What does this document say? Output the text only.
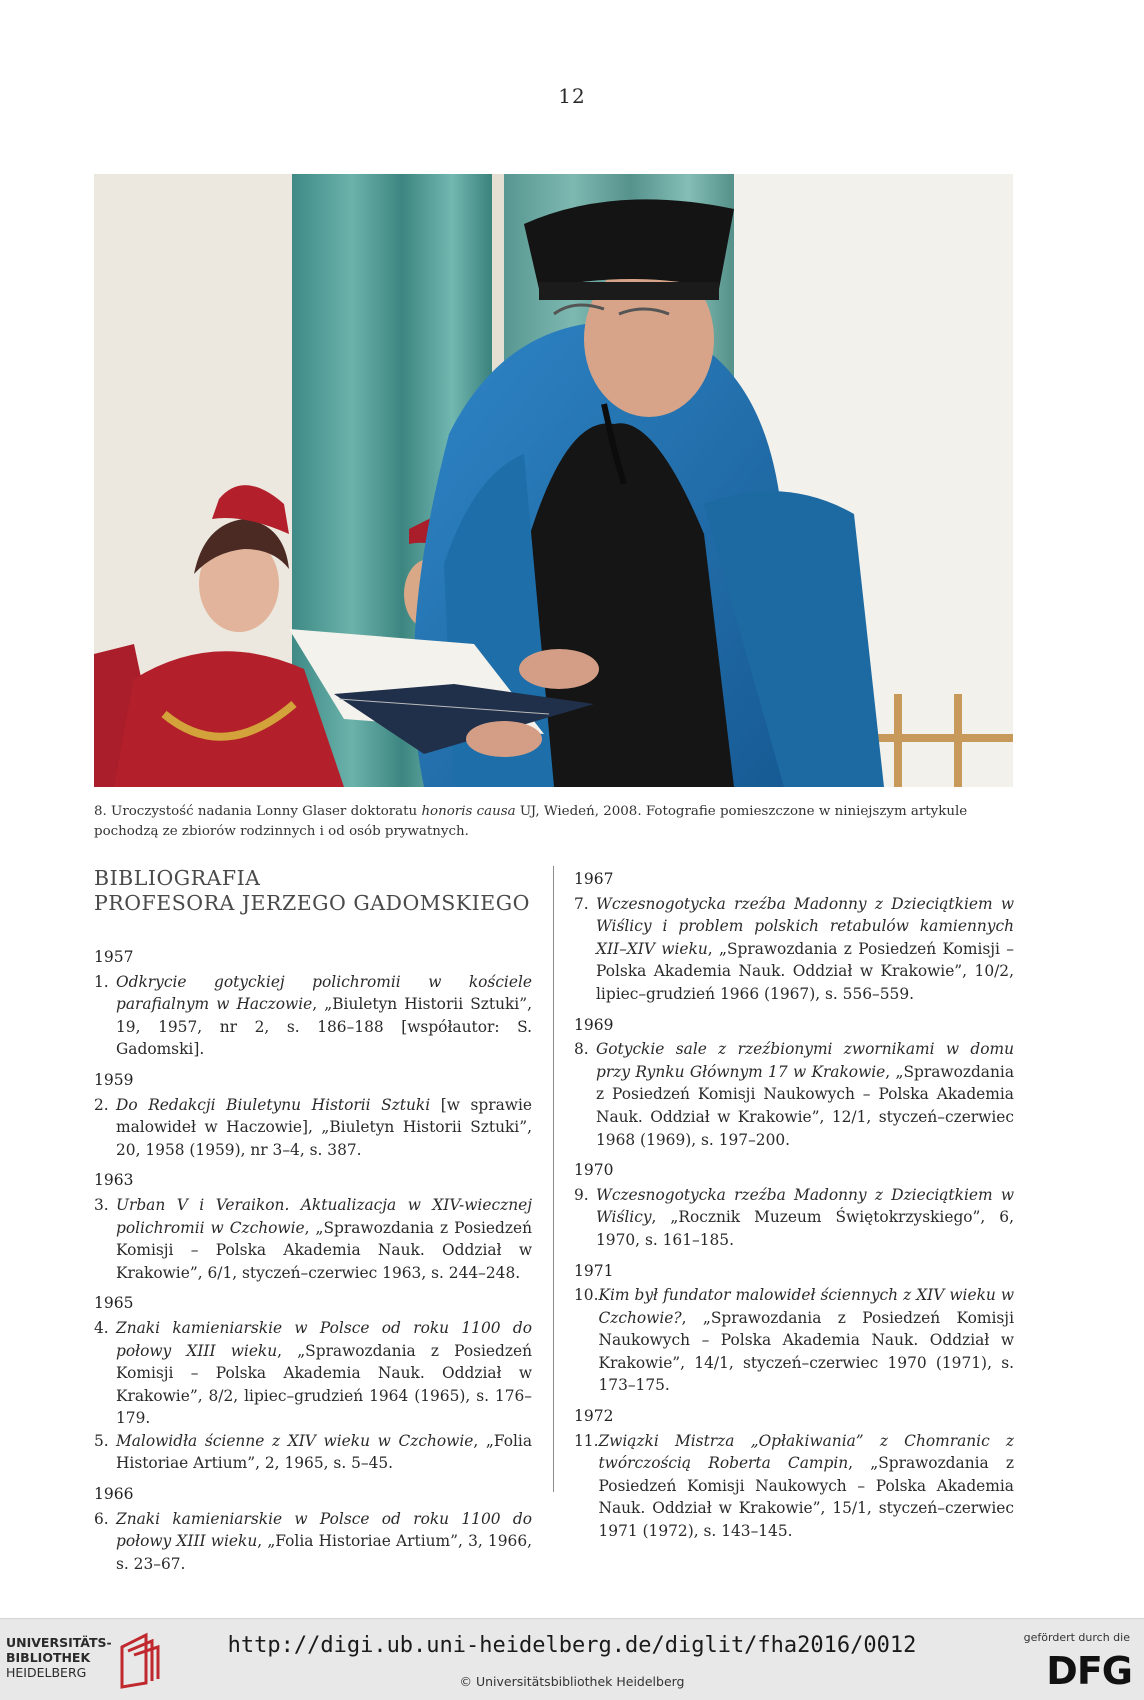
12
8. Uroczystość nadania Lonny Glaser doktoratu honoris causa UJ, Wiedeń, 2008. Fotografie pomieszczone w niniejszym artykule pochodzą ze zbiorów rodzinnych i od osób prywatnych.
BIBLIOGRAFIA
PROFESORA JERZEGO GADOMSKIEGO
1957
1. Odkrycie gotyckiej polichromii w kościele parafialnym w Haczowie, „Biuletyn Historii Sztuki”, 19, 1957, nr 2, s. 186–188 [współautor: S. Gadomski].
1959
2. Do Redakcji Biuletynu Historii Sztuki [w sprawie malowideł w Haczowie], „Biuletyn Historii Sztuki”, 20, 1958 (1959), nr 3–4, s. 387.
1963
3. Urban V i Veraikon. Aktualizacja w XIV-wiecznej polichromii w Czchowie, „Sprawozdania z Posiedzeń Komisji – Polska Akademia Nauk. Oddział w Krakowie”, 6/1, styczeń–czerwiec 1963, s. 244–248.
1965
4. Znaki kamieniarskie w Polsce od roku 1100 do połowy XIII wieku, „Sprawozdania z Posiedzeń Komisji – Polska Akademia Nauk. Oddział w Krakowie”, 8/2, lipiec–grudzień 1964 (1965), s. 176–179.
5. Malowidła ścienne z XIV wieku w Czchowie, „Folia Historiae Artium”, 2, 1965, s. 5–45.
1966
6. Znaki kamieniarskie w Polsce od roku 1100 do połowy XIII wieku, „Folia Historiae Artium”, 3, 1966, s. 23–67.
1967
7. Wczesnogotycka rzeźba Madonny z Dzieciątkiem w Wiślicy i problem polskich retabulów kamiennych XII–XIV wieku, „Sprawozdania z Posiedzeń Komisji – Polska Akademia Nauk. Oddział w Krakowie”, 10/2, lipiec–grudzień 1966 (1967), s. 556–559.
1969
8. Gotyckie sale z rzeźbionymi zwornikami w domu przy Rynku Głównym 17 w Krakowie, „Sprawozdania z Posiedzeń Komisji Naukowych – Polska Akademia Nauk. Oddział w Krakowie”, 12/1, styczeń–czerwiec 1968 (1969), s. 197–200.
1970
9. Wczesnogotycka rzeźba Madonny z Dzieciątkiem w Wiślicy, „Rocznik Muzeum Świętokrzyskiego”, 6, 1970, s. 161–185.
1971
10. Kim był fundator malowideł ściennych z XIV wieku w Czchowie?, „Sprawozdania z Posiedzeń Komisji Naukowych – Polska Akademia Nauk. Oddział w Krakowie”, 14/1, styczeń–czerwiec 1970 (1971), s. 173–175.
1972
11. Związki Mistrza „Opłakiwania” z Chomranic z twórczością Roberta Campin, „Sprawozdania z Posiedzeń Komisji Naukowych – Polska Akademia Nauk. Oddział w Krakowie”, 15/1, styczeń–czerwiec 1971 (1972), s. 143–145.
UNIVERSITÄTS-
BIBLIOTHEK
HEIDELBERG
http://digi.ub.uni-heidelberg.de/diglit/fha2016/0012
© Universitätsbibliothek Heidelberg
gefördert durch die
DFG
